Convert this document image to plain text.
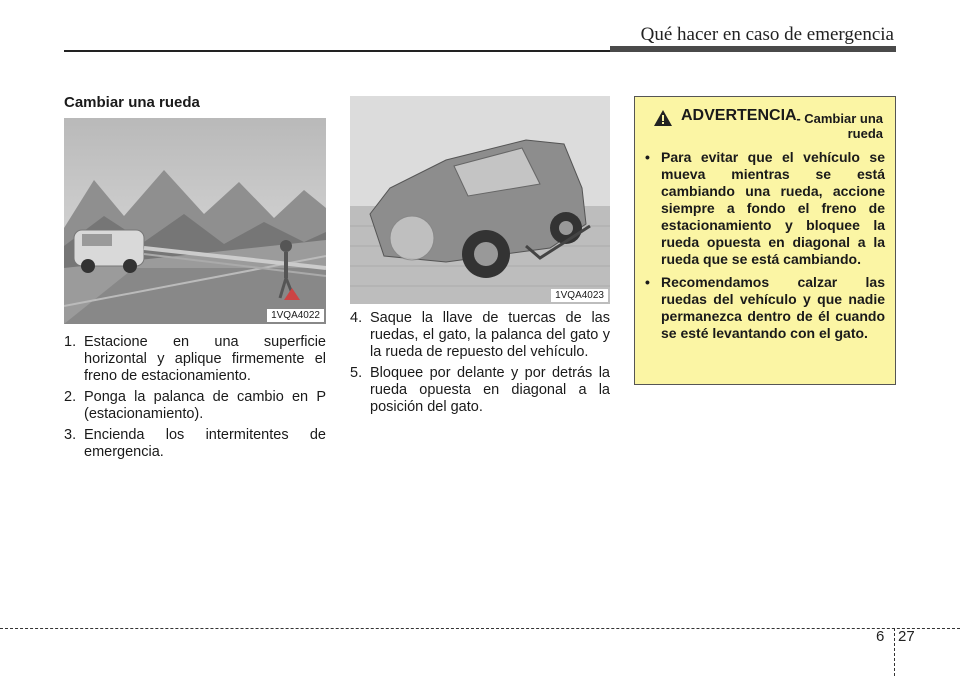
Qué hacer en caso de emergencia
Cambiar una rueda
1VQA4022
1. Estacione en una superficie horizontal y aplique firmemente el freno de estacionamiento.
2. Ponga la palanca de cambio en P (estacionamiento).
3. Encienda los intermitentes de emergencia.
1VQA4023
4. Saque la llave de tuercas de las ruedas, el gato, la palanca del gato y la rueda de repuesto del vehículo.
5. Bloquee por delante y por detrás la rueda opuesta en diagonal a la posición del gato.
ADVERTENCIA - Cambiar una rueda
• Para evitar que el vehículo se mueva mientras se está cambiando una rueda, accione siempre a fondo el freno de estacionamiento y bloquee la rueda opuesta en diagonal a la rueda que se está cambiando.
• Recomendamos calzar las ruedas del vehículo y que nadie permanezca dentro de él cuando se esté levantando con el gato.
6 27
